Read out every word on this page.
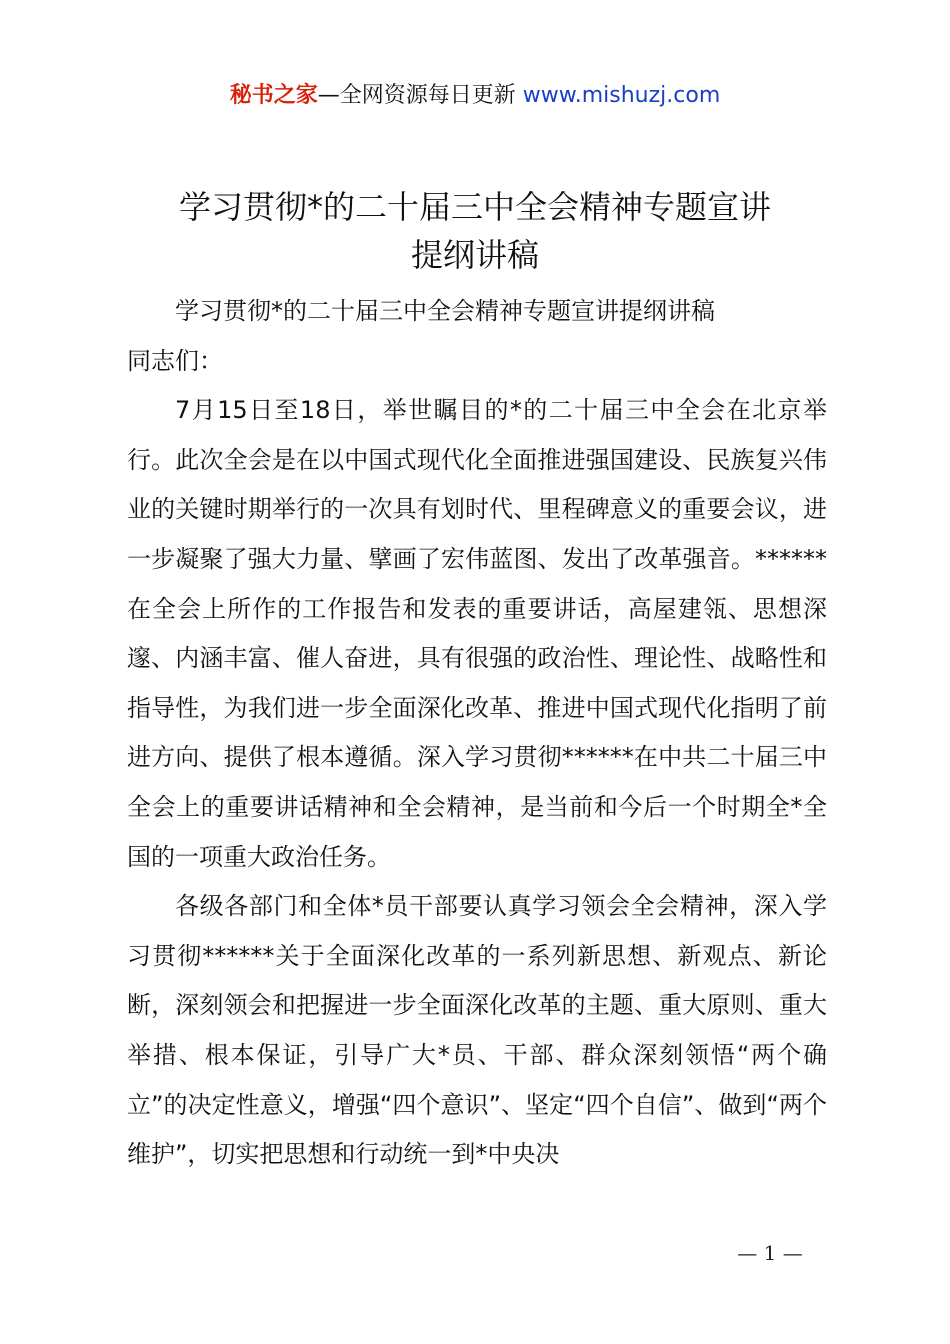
秘书之家—全网资源每日更新 www.mishuzj.com
学习贯彻*的二十届三中全会精神专题宣讲
提纲讲稿

学习贯彻*的二十届三中全会精神专题宣讲提纲讲稿

同志们：

7月15日至18日，举世瞩目的*的二十届三中全会在北京举行。此次全会是在以中国式现代化全面推进强国建设、民族复兴伟业的关键时期举行的一次具有划时代、里程碑意义的重要会议，进一步凝聚了强大力量、擘画了宏伟蓝图、发出了改革强音。******在全会上所作的工作报告和发表的重要讲话，高屋建瓴、思想深邃、内涵丰富、催人奋进，具有很强的政治性、理论性、战略性和指导性，为我们进一步全面深化改革、推进中国式现代化指明了前进方向、提供了根本遵循。深入学习贯彻******在中共二十届三中全会上的重要讲话精神和全会精神，是当前和今后一个时期全*全国的一项重大政治任务。

各级各部门和全体*员干部要认真学习领会全会精神，深入学习贯彻******关于全面深化改革的一系列新思想、新观点、新论断，深刻领会和把握进一步全面深化改革的主题、重大原则、重大举措、根本保证，引导广大*员、干部、群众深刻领悟“两个确立”的决定性意义，增强“四个意识”、坚定“四个自信”、做到“两个维护”，切实把思想和行动统一到*中央决

— 1 —
